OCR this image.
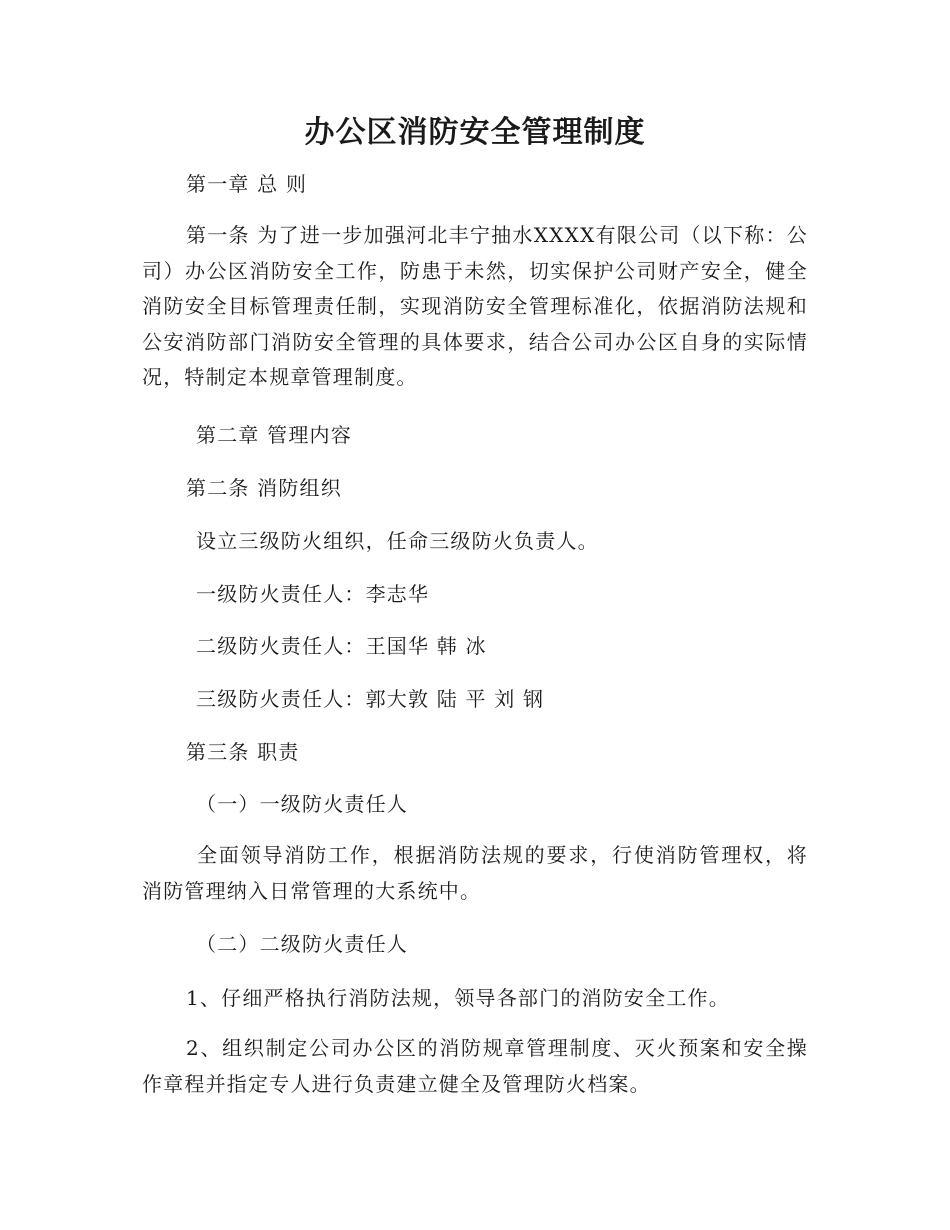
办公区消防安全管理制度
第一章 总 则

第一条 为了进一步加强河北丰宁抽水XXXX有限公司（以下称：公司）办公区消防安全工作，防患于未然，切实保护公司财产安全，健全消防安全目标管理责任制，实现消防安全管理标准化，依据消防法规和公安消防部门消防安全管理的具体要求，结合公司办公区自身的实际情况，特制定本规章管理制度。

第二章 管理内容
第二条 消防组织
设立三级防火组织，任命三级防火负责人。
一级防火责任人：李志华
二级防火责任人：王国华 韩 冰
三级防火责任人：郭大敦 陆 平 刘 钢
第三条 职责
（一）一级防火责任人

全面领导消防工作，根据消防法规的要求，行使消防管理权，将消防管理纳入日常管理的大系统中。

（二）二级防火责任人
1、仔细严格执行消防法规，领导各部门的消防安全工作。

2、组织制定公司办公区的消防规章管理制度、灭火预案和安全操作章程并指定专人进行负责建立健全及管理防火档案。
